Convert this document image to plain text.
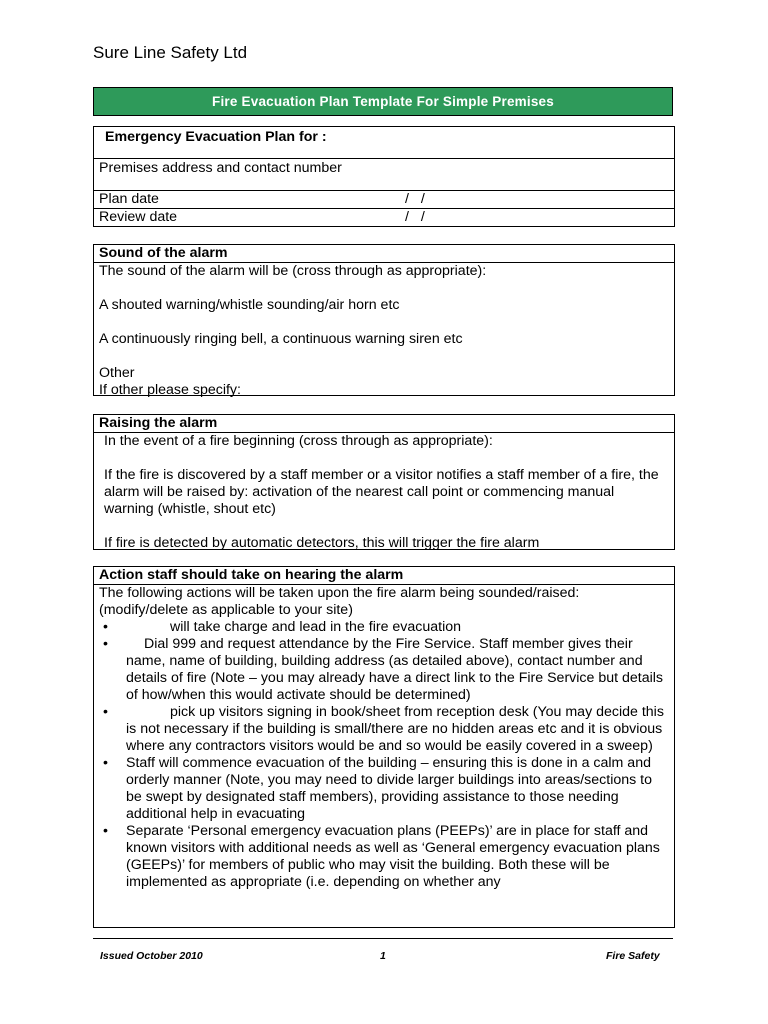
Sure Line Safety Ltd
Fire Evacuation Plan Template For Simple Premises
Emergency Evacuation Plan for :
Premises address and contact number
Plan date	/ /
Review date	/ /
Sound of the alarm

The sound of the alarm will be (cross through as appropriate):

A shouted warning/whistle sounding/air horn etc

A continuously ringing bell, a continuous warning siren etc

Other

If other please specify:

Raising the alarm

In the event of a fire beginning (cross through as appropriate):

If the fire is discovered by a staff member or a visitor notifies a staff member of a fire, the alarm will be raised by: activation of the nearest call point or commencing manual warning (whistle, shout etc)

If fire is detected by automatic detectors, this will trigger the fire alarm

Action staff should take on hearing the alarm

The following actions will be taken upon the fire alarm being sounded/raised:

(modify/delete as applicable to your site)

•	will take charge and lead in the fire evacuation
•	Dial 999 and request attendance by the Fire Service. Staff member gives their name, name of building, building address (as detailed above), contact number and details of fire (Note – you may already have a direct link to the Fire Service but details of how/when this would activate should be determined)
•	pick up visitors signing in book/sheet from reception desk (You may decide this is not necessary if the building is small/there are no hidden areas etc and it is obvious where any contractors visitors would be and so would be easily covered in a sweep)
• Staff will commence evacuation of the building – ensuring this is done in a calm and orderly manner (Note, you may need to divide larger buildings into areas/sections to be swept by designated staff members), providing assistance to those needing additional help in evacuating
• Separate ‘Personal emergency evacuation plans (PEEPs)’ are in place for staff and known visitors with additional needs as well as ‘General emergency evacuation plans (GEEPs)’ for members of public who may visit the building. Both these will be implemented as appropriate (i.e. depending on whether any
Issued October 2010	1	Fire Safety
